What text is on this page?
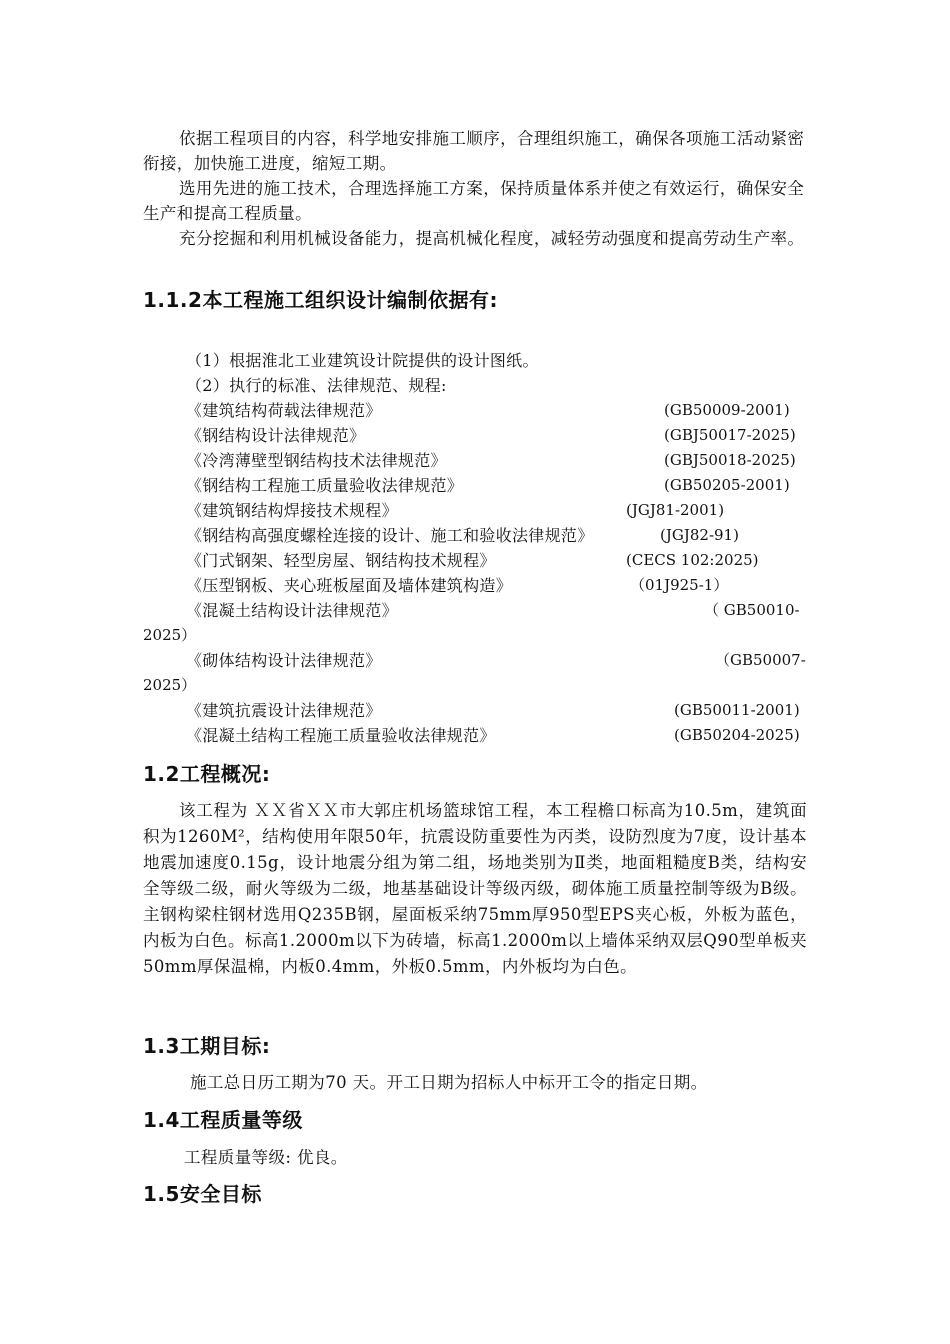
依据工程项目的内容，科学地安排施工顺序，合理组织施工，确保各项施工活动紧密衔接，加快施工进度，缩短工期。
选用先进的施工技术，合理选择施工方案，保持质量体系并使之有效运行，确保安全生产和提高工程质量。
充分挖掘和利用机械设备能力，提高机械化程度，减轻劳动强度和提高劳动生产率。
1.1.2本工程施工组织设计编制依据有:
（1）根据淮北工业建筑设计院提供的设计图纸。
（2）执行的标准、法律规范、规程:
《建筑结构荷载法律规范》	(GB50009-2001)
《钢结构设计法律规范》	(GBJ50017-2025)
《冷湾薄壁型钢结构技术法律规范》	(GBJ50018-2025)
《钢结构工程施工质量验收法律规范》	(GB50205-2001)
《建筑钢结构焊接技术规程》	(JGJ81-2001)
《钢结构高强度螺栓连接的设计、施工和验收法律规范》	(JGJ82-91)
《门式钢架、轻型房屋、钢结构技术规程》	(CECS 102:2025)
《压型钢板、夹心班板屋面及墙体建筑构造》	（01J925-1）
《混凝土结构设计法律规范》	（ GB50010-
2025）
《砌体结构设计法律规范》	（GB50007-
2025）
《建筑抗震设计法律规范》	(GB50011-2001)
《混凝土结构工程施工质量验收法律规范》	(GB50204-2025)
1.2工程概况:
该工程为 ＸＸ省ＸＸ市大郭庄机场篮球馆工程，本工程檐口标高为10.5m，建筑面积为1260M²，结构使用年限50年，抗震设防重要性为丙类，设防烈度为7度，设计基本地震加速度0.15g，设计地震分组为第二组，场地类别为Ⅱ类，地面粗糙度B类，结构安全等级二级，耐火等级为二级，地基基础设计等级丙级，砌体施工质量控制等级为B级。主钢构梁柱钢材选用Q235B钢，屋面板采纳75mm厚950型EPS夹心板，外板为蓝色，内板为白色。标高1.2000m以下为砖墙，标高1.2000m以上墙体采纳双层Q90型单板夹50mm厚保温棉，内板0.4mm，外板0.5mm，内外板均为白色。
1.3工期目标:
施工总日历工期为70 天。开工日期为招标人中标开工令的指定日期。
1.4工程质量等级
工程质量等级: 优良。
1.5安全目标
